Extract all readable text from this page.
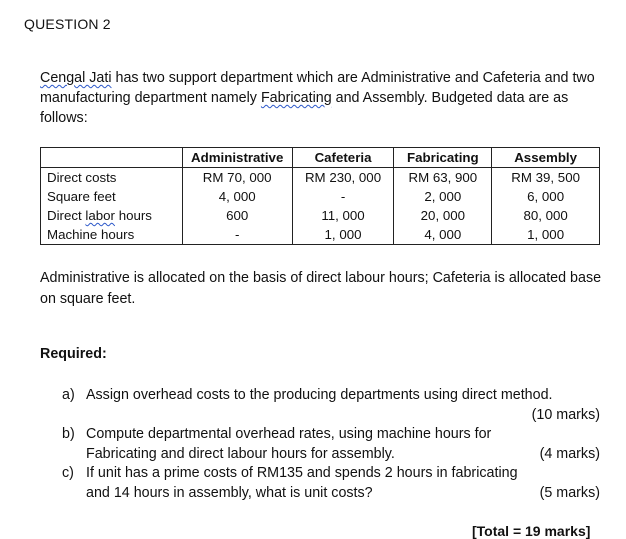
QUESTION 2
Cengal Jati has two support department which are Administrative and Cafeteria and two manufacturing department namely Fabricating and Assembly. Budgeted data are as follows:
	Administrative	Cafeteria	Fabricating	Assembly
Direct costs	RM 70, 000	RM 230, 000	RM 63, 900	RM 39, 500
Square feet	4, 000	-	2, 000	6, 000
Direct labor hours	600	11, 000	20, 000	80, 000
Machine hours	-	1, 000	4, 000	1, 000
Administrative is allocated on the basis of direct labour hours; Cafeteria is allocated base on square feet.
Required:
a) Assign overhead costs to the producing departments using direct method.
(10 marks)
b)
(4 marks)
Compute departmental overhead rates, using machine hours for Fabricating and direct labour hours for assembly.
c)
(5 marks)
If unit has a prime costs of RM135 and spends 2 hours in fabricating and 14 hours in assembly, what is unit costs?
[Total = 19 marks]
